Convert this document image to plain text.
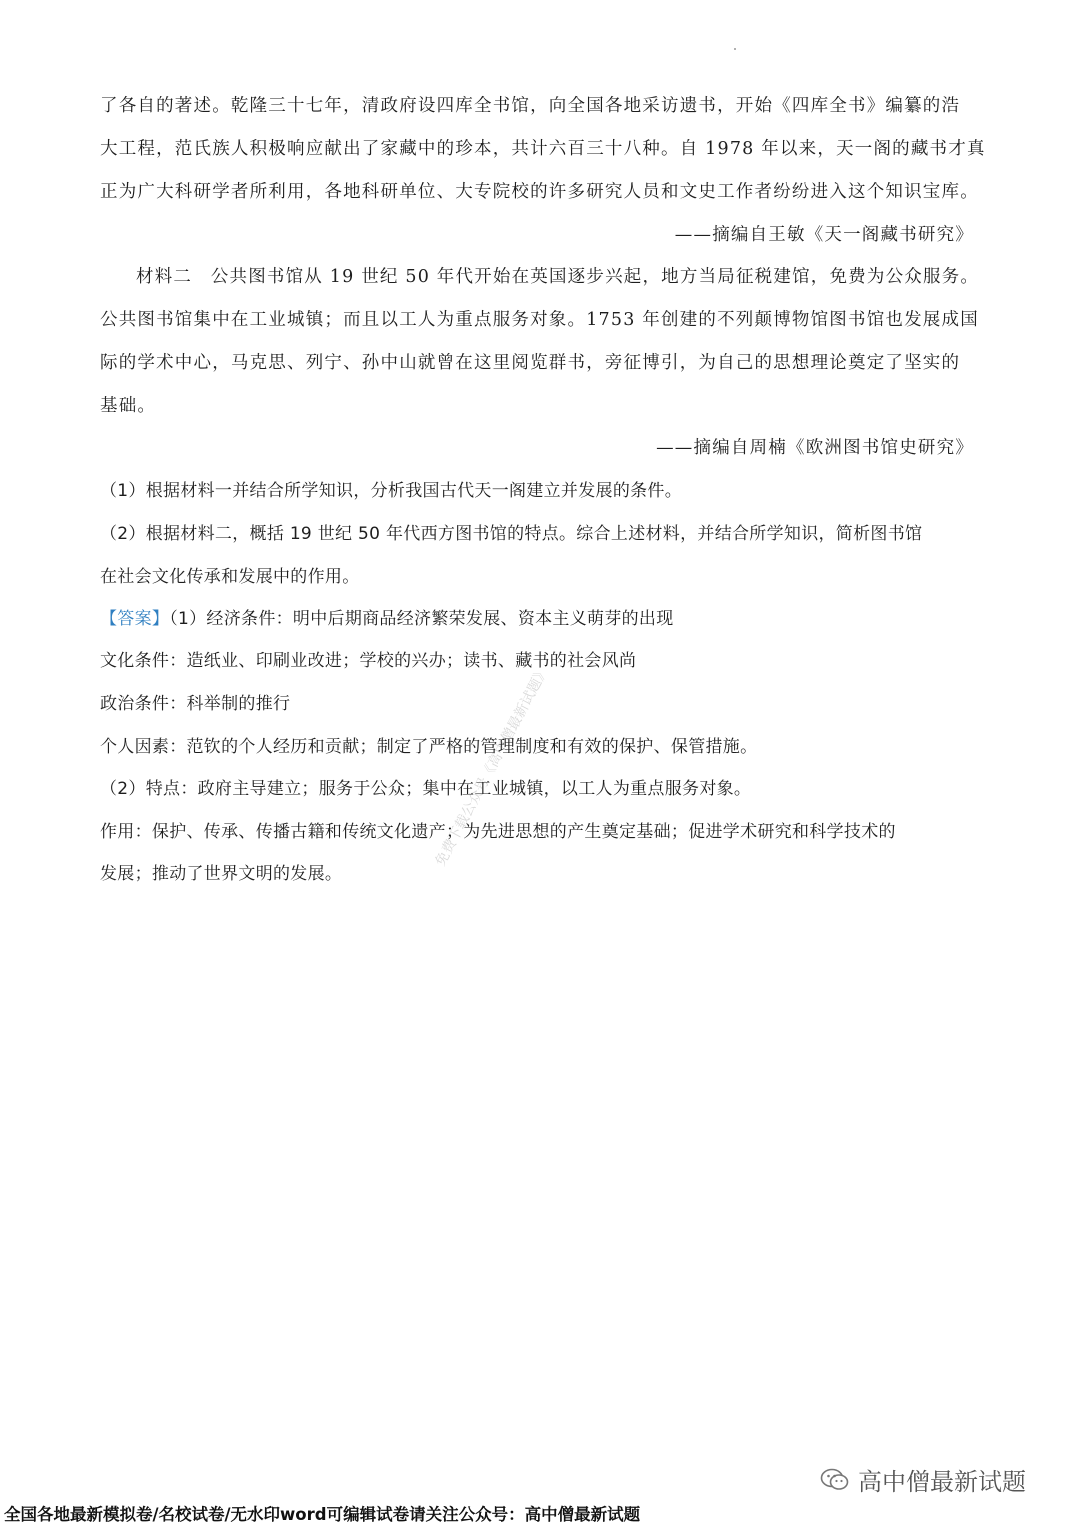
了各自的著述。乾隆三十七年，清政府设四库全书馆，向全国各地采访遗书，开始《四库全书》编纂的浩
大工程，范氏族人积极响应献出了家藏中的珍本，共计六百三十八种。自 1978 年以来，天一阁的藏书才真
正为广大科研学者所利用，各地科研单位、大专院校的许多研究人员和文史工作者纷纷进入这个知识宝库。
——摘编自王敏《天一阁藏书研究》
材料二　公共图书馆从 19 世纪 50 年代开始在英国逐步兴起，地方当局征税建馆，免费为公众服务。
公共图书馆集中在工业城镇；而且以工人为重点服务对象。1753 年创建的不列颠博物馆图书馆也发展成国
际的学术中心，马克思、列宁、孙中山就曾在这里阅览群书，旁征博引，为自己的思想理论奠定了坚实的
基础。
——摘编自周楠《欧洲图书馆史研究》
（1）根据材料一并结合所学知识，分析我国古代天一阁建立并发展的条件。
（2）根据材料二，概括 19 世纪 50 年代西方图书馆的特点。综合上述材料，并结合所学知识，简析图书馆
在社会文化传承和发展中的作用。
【答案】（1）经济条件：明中后期商品经济繁荣发展、资本主义萌芽的出现
文化条件：造纸业、印刷业改进；学校的兴办；读书、藏书的社会风尚
政治条件：科举制的推行
个人因素：范钦的个人经历和贡献；制定了严格的管理制度和有效的保护、保管措施。
（2）特点：政府主导建立；服务于公众；集中在工业城镇，以工人为重点服务对象。
作用：保护、传承、传播古籍和传统文化遗产；为先进思想的产生奠定基础；促进学术研究和科学技术的
发展；推动了世界文明的发展。
免费下载公众号《高中僧最新试题》
高中僧最新试题
全国各地最新模拟卷/名校试卷/无水印word可编辑试卷请关注公众号：高中僧最新试题
